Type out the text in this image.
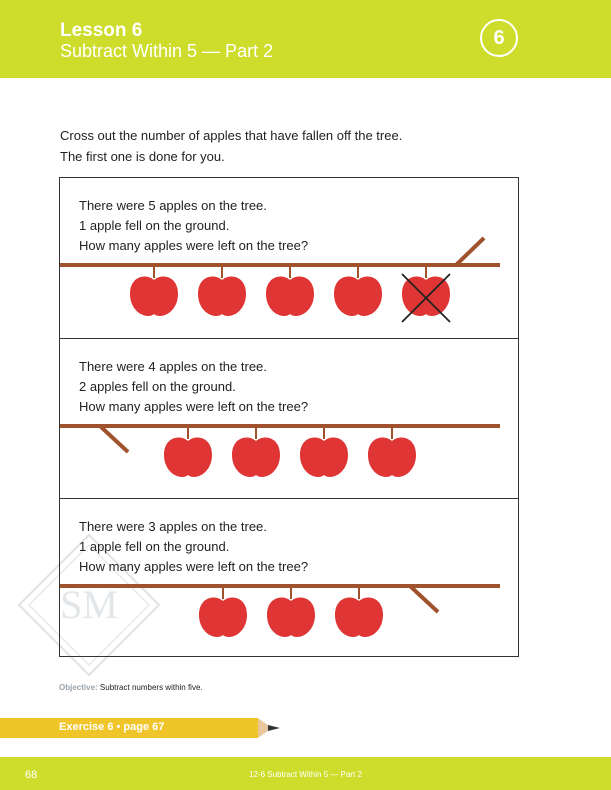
Lesson 6
Subtract Within 5 — Part 2
6

Cross out the number of apples that have fallen off the tree.

The first one is done for you.

SM
There were 5 apples on the tree.
1 apple fell on the ground.
How many apples were left on the tree?
There were 4 apples on the tree.
2 apples fell on the ground.
How many apples were left on the tree?
There were 3 apples on the tree.
1 apple fell on the ground.
How many apples were left on the tree?
Objective: Subtract numbers within five.
Exercise 6 • page 67
68	12-6 Subtract Within 5 — Part 2
